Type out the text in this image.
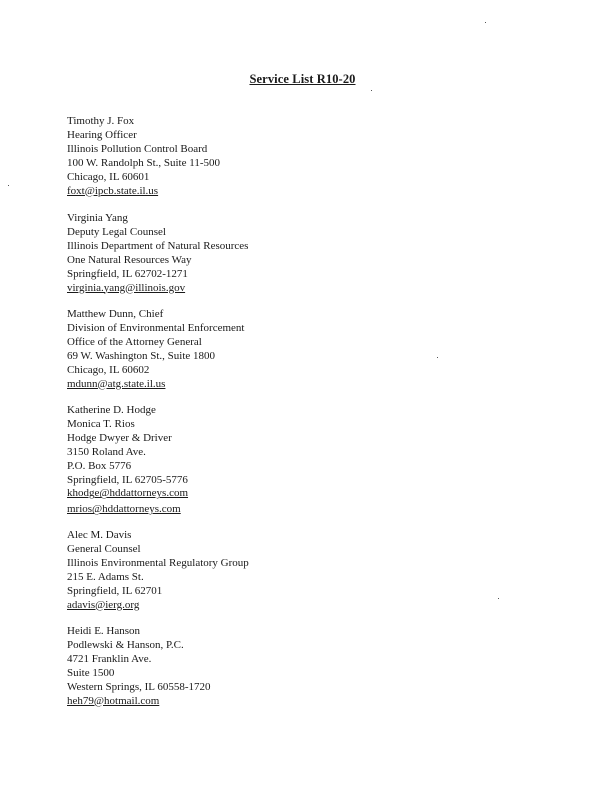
Service List R10-20
Timothy J. Fox
Hearing Officer
Illinois Pollution Control Board
100 W. Randolph St., Suite 11-500
Chicago, IL 60601
foxt@ipcb.state.il.us
Virginia Yang
Deputy Legal Counsel
Illinois Department of Natural Resources
One Natural Resources Way
Springfield, IL 62702-1271
virginia.yang@illinois.gov
Matthew Dunn, Chief
Division of Environmental Enforcement
Office of the Attorney General
69 W. Washington St., Suite 1800
Chicago, IL 60602
mdunn@atg.state.il.us
Katherine D. Hodge
Monica T. Rios
Hodge Dwyer & Driver
3150 Roland Ave.
P.O. Box 5776
Springfield, IL 62705-5776
khodge@hddattorneys.com
mrios@hddattorneys.com
Alec M. Davis
General Counsel
Illinois Environmental Regulatory Group
215 E. Adams St.
Springfield, IL 62701
adavis@ierg.org
Heidi E. Hanson
Podlewski & Hanson, P.C.
4721 Franklin Ave.
Suite 1500
Western Springs, IL 60558-1720
heh79@hotmail.com
